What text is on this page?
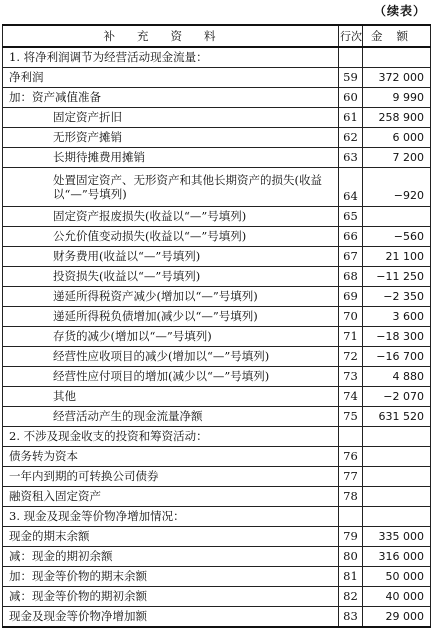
（续表）
补充资料	行次	金额
1. 将净利润调节为经营活动现金流量：		
净利润	59	372 000
加：资产减值准备	60	9 990
固定资产折旧	61	258 900
无形资产摊销	62	6 000
长期待摊费用摊销	63	7 200
处置固定资产、无形资产和其他长期资产的损失(收益以“—”号填列)	64	−920
固定资产报废损失(收益以“—”号填列)	65	
公允价值变动损失(收益以“—”号填列)	66	−560
财务费用(收益以“—”号填列)	67	21 100
投资损失(收益以“—”号填列)	68	−11 250
递延所得税资产减少(增加以“—”号填列)	69	−2 350
递延所得税负债增加(减少以“—”号填列)	70	3 600
存货的减少(增加以“—”号填列)	71	−18 300
经营性应收项目的减少(增加以“—”号填列)	72	−16 700
经营性应付项目的增加(减少以“—”号填列)	73	4 880
其他	74	−2 070
经营活动产生的现金流量净额	75	631 520
2. 不涉及现金收支的投资和筹资活动：		
债务转为资本	76	
一年内到期的可转换公司债券	77	
融资租入固定资产	78	
3. 现金及现金等价物净增加情况：		
现金的期末余额	79	335 000
减：现金的期初余额	80	316 000
加：现金等价物的期末余额	81	50 000
减：现金等价物的期初余额	82	40 000
现金及现金等价物净增加额	83	29 000
